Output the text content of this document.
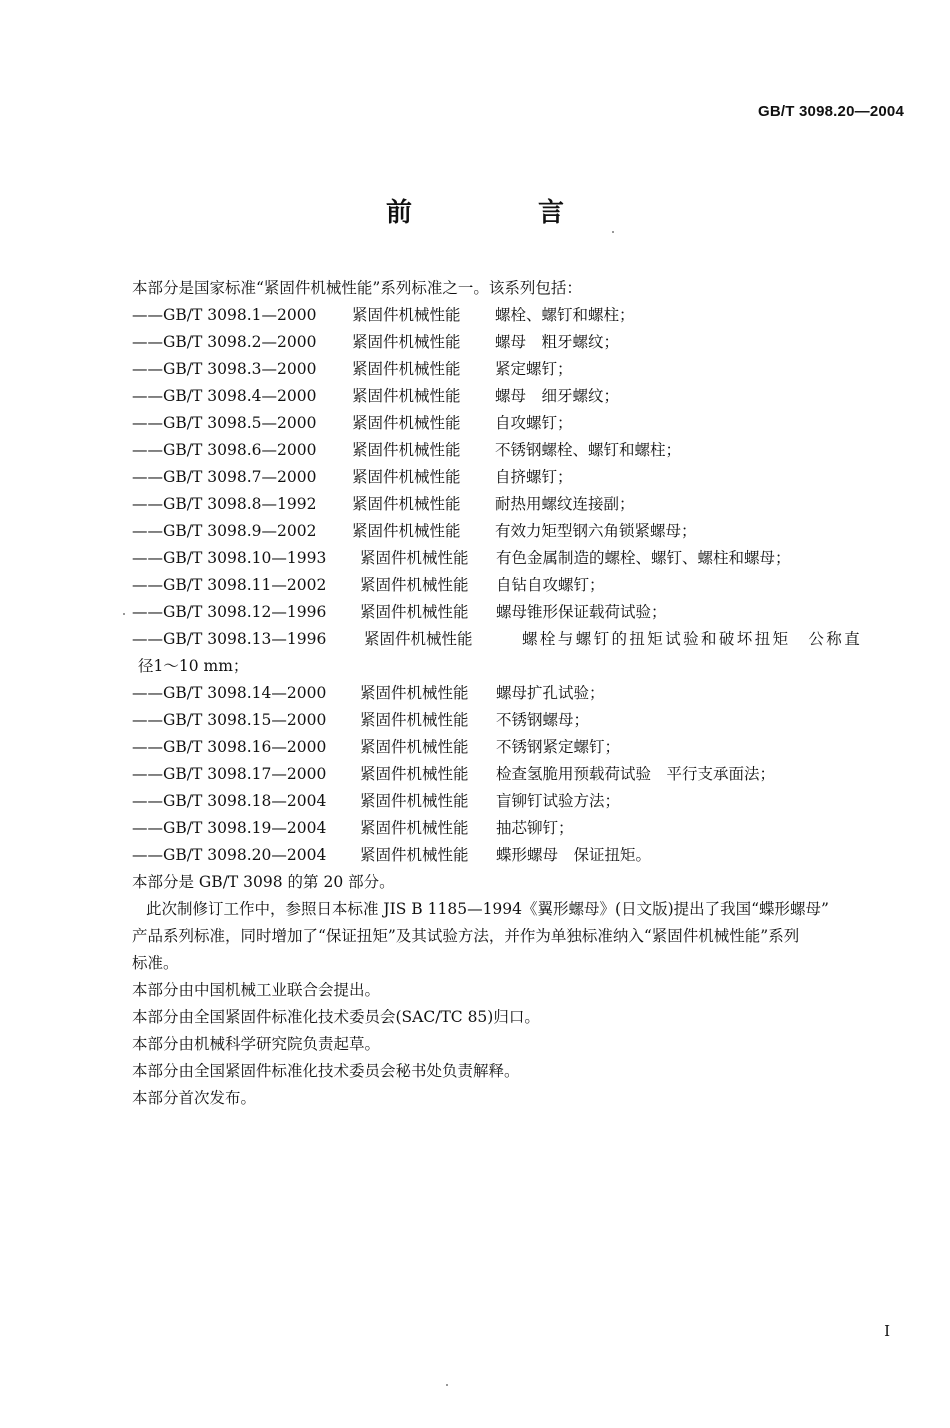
GB/T 3098.20—2004
前　言
本部分是国家标准“紧固件机械性能”系列标准之一。该系列包括：
——GB/T 3098.1—2000	紧固件机械性能	螺栓、螺钉和螺柱；
——GB/T 3098.2—2000	紧固件机械性能	螺母　粗牙螺纹；
——GB/T 3098.3—2000	紧固件机械性能	紧定螺钉；
——GB/T 3098.4—2000	紧固件机械性能	螺母　细牙螺纹；
——GB/T 3098.5—2000	紧固件机械性能	自攻螺钉；
——GB/T 3098.6—2000	紧固件机械性能	不锈钢螺栓、螺钉和螺柱；
——GB/T 3098.7—2000	紧固件机械性能	自挤螺钉；
——GB/T 3098.8—1992	紧固件机械性能	耐热用螺纹连接副；
——GB/T 3098.9—2002	紧固件机械性能	有效力矩型钢六角锁紧螺母；
——GB/T 3098.10—1993	紧固件机械性能	有色金属制造的螺栓、螺钉、螺柱和螺母；
——GB/T 3098.11—2002	紧固件机械性能	自钻自攻螺钉；
——GB/T 3098.12—1996	紧固件机械性能	螺母锥形保证载荷试验；
——GB/T 3098.13—1996	紧固件机械性能	螺栓与螺钉的扭矩试验和破坏扭矩　公称直
径1～10 mm；
——GB/T 3098.14—2000	紧固件机械性能	螺母扩孔试验；
——GB/T 3098.15—2000	紧固件机械性能	不锈钢螺母；
——GB/T 3098.16—2000	紧固件机械性能	不锈钢紧定螺钉；
——GB/T 3098.17—2000	紧固件机械性能	检查氢脆用预载荷试验　平行支承面法；
——GB/T 3098.18—2004	紧固件机械性能	盲铆钉试验方法；
——GB/T 3098.19—2004	紧固件机械性能	抽芯铆钉；
——GB/T 3098.20—2004	紧固件机械性能	蝶形螺母　保证扭矩。
本部分是 GB/T 3098 的第 20 部分。
此次制修订工作中，参照日本标准 JIS B 1185—1994《翼形螺母》(日文版)提出了我国“蝶形螺母”
产品系列标准，同时增加了“保证扭矩”及其试验方法，并作为单独标准纳入“紧固件机械性能”系列
标准。
本部分由中国机械工业联合会提出。
本部分由全国紧固件标准化技术委员会(SAC/TC 85)归口。
本部分由机械科学研究院负责起草。
本部分由全国紧固件标准化技术委员会秘书处负责解释。
本部分首次发布。
I
